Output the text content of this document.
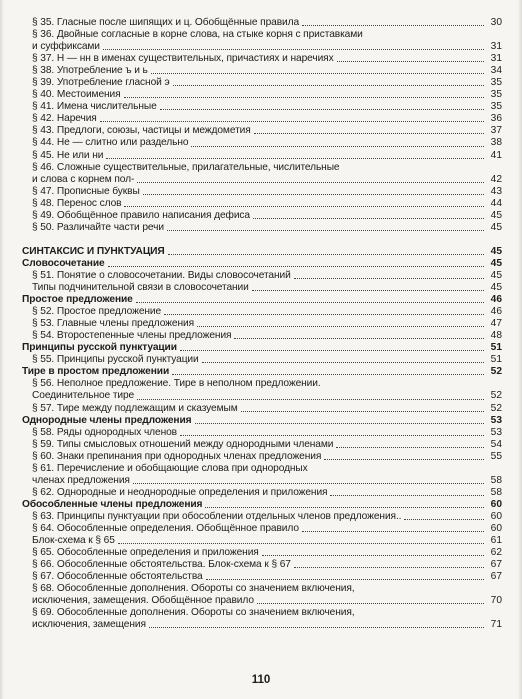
§ 35. Гласные после шипящих и ц. Обобщённые правила	30
§ 36. Двойные согласные в корне слова, на стыке корня с приставками
и суффиксами	31
§ 37. Н — нн в именах существительных, причастиях и наречиях	31
§ 38. Употребление ъ и ь	34
§ 39. Употребление гласной э	35
§ 40. Местоимения	35
§ 41. Имена числительные	35
§ 42. Наречия	36
§ 43. Предлоги, союзы, частицы и междометия	37
§ 44. Не — слитно или раздельно	38
§ 45. Не или ни	41
§ 46. Сложные существительные, прилагательные, числительные
и слова с корнем пол-	42
§ 47. Прописные буквы	43
§ 48. Перенос слов	44
§ 49. Обобщённое правило написания дефиса	45
§ 50. Различайте части речи	45
СИНТАКСИС И ПУНКТУАЦИЯ	45
Словосочетание	45
§ 51. Понятие о словосочетании. Виды словосочетаний	45
Типы подчинительной связи в словосочетании	45
Простое предложение	46
§ 52. Простое предложение	46
§ 53. Главные члены предложения	47
§ 54. Второстепенные члены предложения	48
Принципы русской пунктуации	51
§ 55. Принципы русской пунктуации	51
Тире в простом предложении	52
§ 56. Неполное предложение. Тире в неполном предложении.
Соединительное тире	52
§ 57. Тире между подлежащим и сказуемым	52
Однородные члены предложения	53
§ 58. Ряды однородных членов	53
§ 59. Типы смысловых отношений между однородными членами	54
§ 60. Знаки препинания при однородных членах предложения	55
§ 61. Перечисление и обобщающие слова при однородных
членах предложения	58
§ 62. Однородные и неоднородные определения и приложения	58
Обособленные члены предложения	60
§ 63. Принципы пунктуации при обособлении отдельных членов предложения..	60
§ 64. Обособленные определения. Обобщённое правило	60
Блок-схема к § 65	61
§ 65. Обособленные определения и приложения	62
§ 66. Обособленные обстоятельства. Блок-схема к § 67	67
§ 67. Обособленные обстоятельства	67
§ 68. Обособленные дополнения. Обороты со значением включения,
исключения, замещения. Обобщённое правило	70
§ 69. Обособленные дополнения. Обороты со значением включения,
исключения, замещения	71
110
